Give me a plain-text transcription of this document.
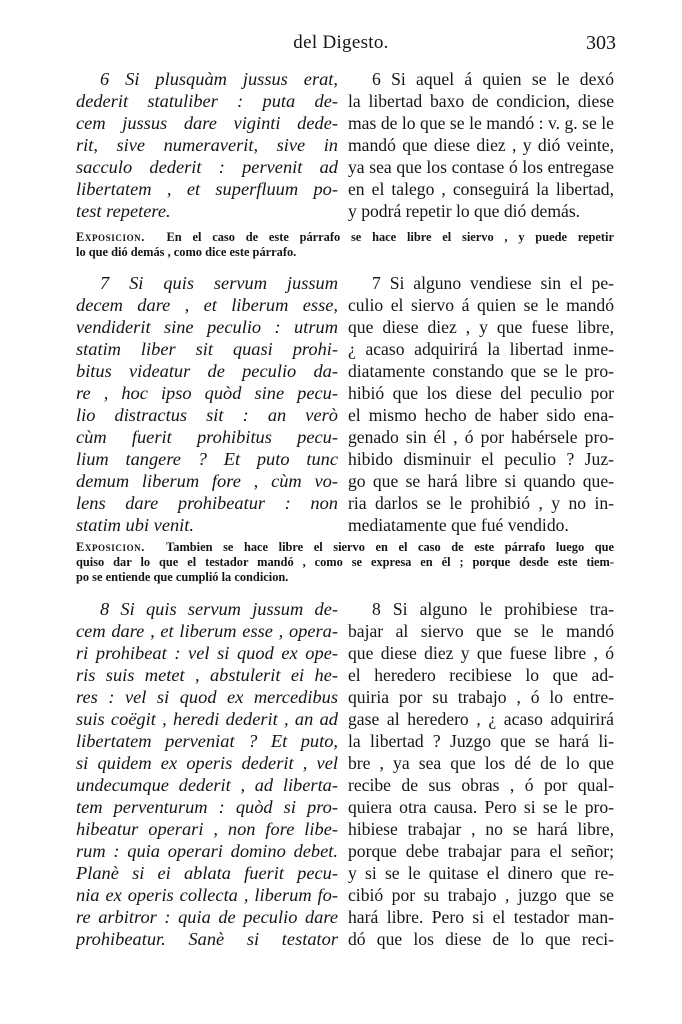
del Digesto.	303
6 Si plusquàm jussus erat,
dederit statuliber : puta de-
cem jussus dare viginti dede-
rit, sive numeraverit, sive in
sacculo dederit : pervenit ad
libertatem , et superfluum po-
test repetere.
6 Si aquel á quien se le dexó
la libertad baxo de condicion, diese
mas de lo que se le mandó : v. g. se le
mandó que diese diez , y dió veinte,
ya sea que los contase ó los entregase
en el talego , conseguirá la libertad,
y podrá repetir lo que dió demás.
Exposicion. En el caso de este párrafo se hace libre el siervo , y puede repetir
lo que dió demás , como dice este párrafo.
7 Si quis servum jussum
decem dare , et liberum esse,
vendiderit sine peculio : utrum
statim liber sit quasi prohi-
bitus videatur de peculio da-
re , hoc ipso quòd sine pecu-
lio distractus sit : an verò
cùm fuerit prohibitus pecu-
lium tangere ? Et puto tunc
demum liberum fore , cùm vo-
lens dare prohibeatur : non
statim ubi venit.
7 Si alguno vendiese sin el pe-
culio el siervo á quien se le mandó
que diese diez , y que fuese libre,
¿ acaso adquirirá la libertad inme-
diatamente constando que se le pro-
hibió que los diese del peculio por
el mismo hecho de haber sido ena-
genado sin él , ó por habérsele pro-
hibido disminuir el peculio ? Juz-
go que se hará libre si quando que-
ria darlos se le prohibió , y no in-
mediatamente que fué vendido.
Exposicion. Tambien se hace libre el siervo en el caso de este párrafo luego que
quiso dar lo que el testador mandó , como se expresa en él ; porque desde este tiem-
po se entiende que cumplió la condicion.
8 Si quis servum jussum de-
cem dare , et liberum esse , opera-
ri prohibeat : vel si quod ex ope-
ris suis metet , abstulerit ei he-
res : vel si quod ex mercedibus
suis coëgit , heredi dederit , an ad
libertatem perveniat ? Et puto,
si quidem ex operis dederit , vel
undecumque dederit , ad liberta-
tem perventurum : quòd si pro-
hibeatur operari , non fore libe-
rum : quia operari domino debet.
Planè si ei ablata fuerit pecu-
nia ex operis collecta , liberum fo-
re arbitror : quia de peculio dare
prohibeatur. Sanè si testator
8 Si alguno le prohibiese tra-
bajar al siervo que se le mandó
que diese diez y que fuese libre , ó
el heredero recibiese lo que ad-
quiria por su trabajo , ó lo entre-
gase al heredero , ¿ acaso adquirirá
la libertad ? Juzgo que se hará li-
bre , ya sea que los dé de lo que
recibe de sus obras , ó por qual-
quiera otra causa. Pero si se le pro-
hibiese trabajar , no se hará libre,
porque debe trabajar para el señor;
y si se le quitase el dinero que re-
cibió por su trabajo , juzgo que se
hará libre. Pero si el testador man-
dó que los diese de lo que reci-
